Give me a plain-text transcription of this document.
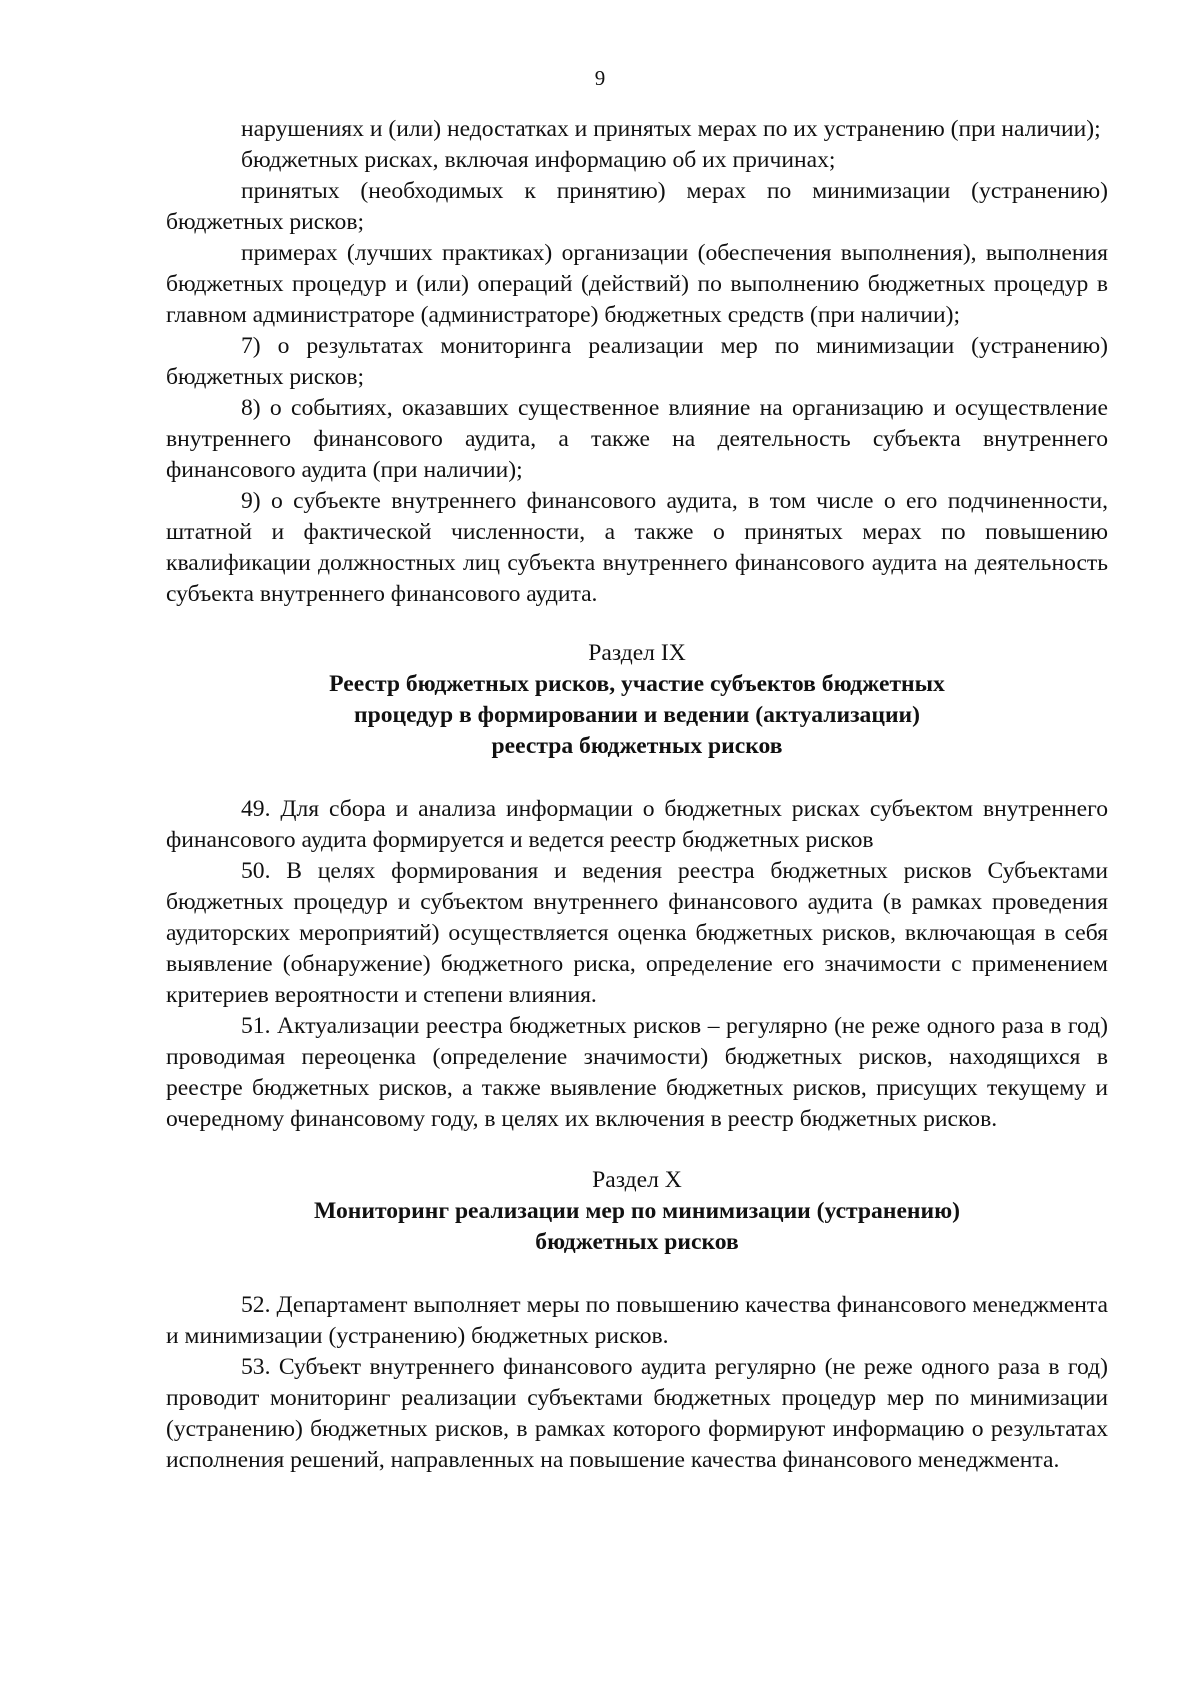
9

нарушениях и (или) недостатках и принятых мерах по их устранению (при наличии);

бюджетных рисках, включая информацию об их причинах;

принятых (необходимых к принятию) мерах по минимизации (устранению) бюджетных рисков;

примерах (лучших практиках) организации (обеспечения выполнения), выполнения бюджетных процедур и (или) операций (действий) по выполнению бюджетных процедур в главном администраторе (администраторе) бюджетных средств (при наличии);

7) о результатах мониторинга реализации мер по минимизации (устранению) бюджетных рисков;

8) о событиях, оказавших существенное влияние на организацию и осуществление внутреннего финансового аудита, а также на деятельность субъекта внутреннего финансового аудита (при наличии);

9) о субъекте внутреннего финансового аудита, в том числе о его подчиненности, штатной и фактической численности, а также о принятых мерах по повышению квалификации должностных лиц субъекта внутреннего финансового аудита на деятельность субъекта внутреннего финансового аудита.

Раздел IX
Реестр бюджетных рисков, участие субъектов бюджетных
процедур в формировании и ведении (актуализации)
реестра бюджетных рисков

49. Для сбора и анализа информации о бюджетных рисках субъектом внутреннего финансового аудита формируется и ведется реестр бюджетных рисков

50. В целях формирования и ведения реестра бюджетных рисков Субъектами бюджетных процедур и субъектом внутреннего финансового аудита (в рамках проведения аудиторских мероприятий) осуществляется оценка бюджетных рисков, включающая в себя выявление (обнаружение) бюджетного риска, определение его значимости с применением критериев вероятности и степени влияния.

51. Актуализации реестра бюджетных рисков – регулярно (не реже одного раза в год) проводимая переоценка (определение значимости) бюджетных рисков, находящихся в реестре бюджетных рисков, а также выявление бюджетных рисков, присущих текущему и очередному финансовому году, в целях их включения в реестр бюджетных рисков.

Раздел X
Мониторинг реализации мер по минимизации (устранению)
бюджетных рисков

52. Департамент выполняет меры по повышению качества финансового менеджмента и минимизации (устранению) бюджетных рисков.

53. Субъект внутреннего финансового аудита регулярно (не реже одного раза в год) проводит мониторинг реализации субъектами бюджетных процедур мер по минимизации (устранению) бюджетных рисков, в рамках которого формируют информацию о результатах исполнения решений, направленных на повышение качества финансового менеджмента.
